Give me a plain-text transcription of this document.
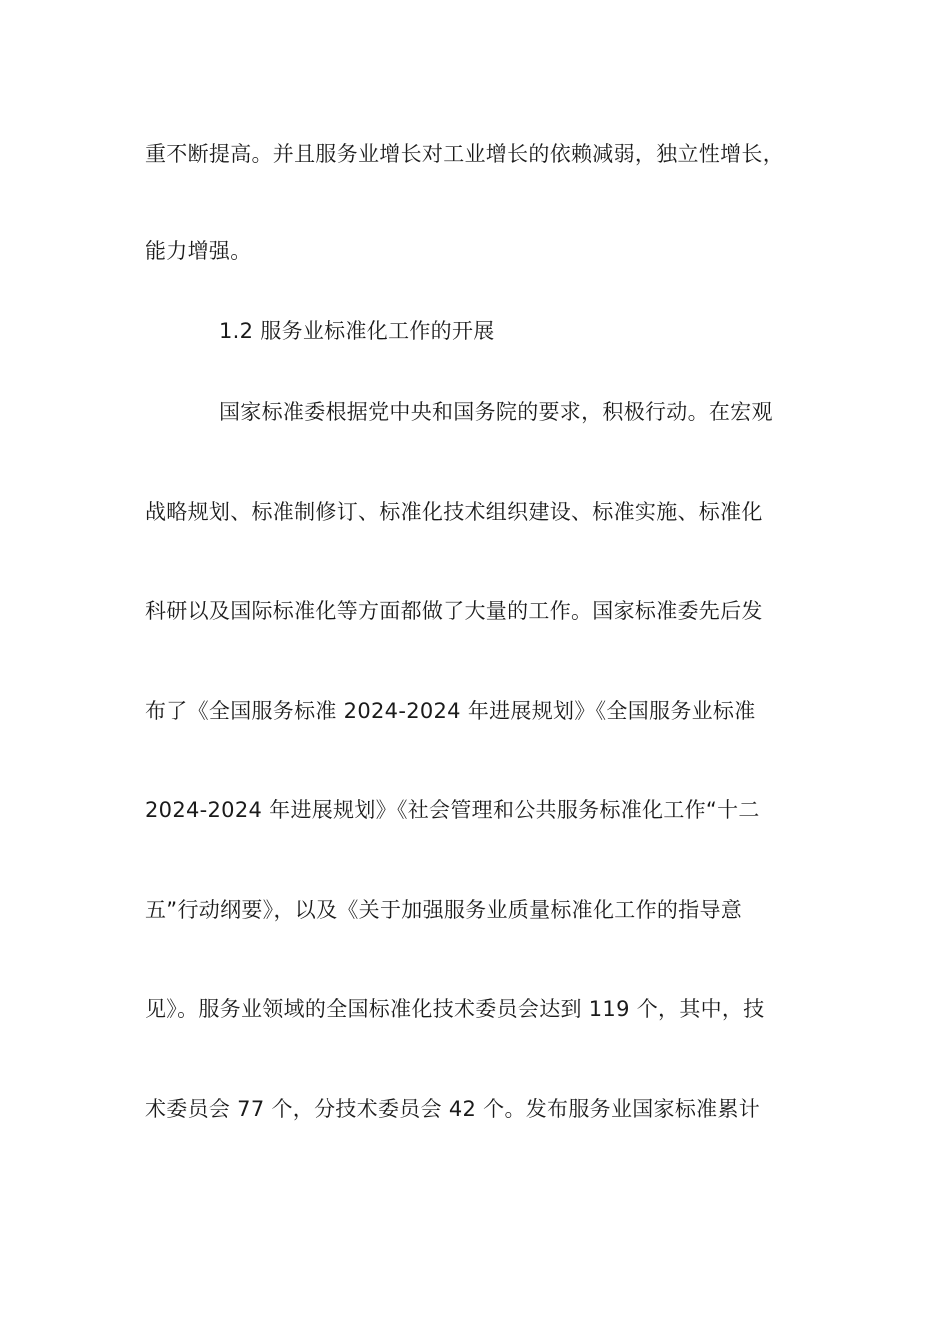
重不断提高。并且服务业增长对工业增长的依赖减弱，独立性增长，
能力增强。
1.2 服务业标准化工作的开展
国家标准委根据党中央和国务院的要求，积极行动。在宏观
战略规划、标准制修订、标准化技术组织建设、标准实施、标准化
科研以及国际标准化等方面都做了大量的工作。国家标准委先后发
布了《全国服务标准 2024-2024 年进展规划》《全国服务业标准
2024-2024 年进展规划》《社会管理和公共服务标准化工作“十二
五”行动纲要》，以及《关于加强服务业质量标准化工作的指导意
见》。服务业领域的全国标准化技术委员会达到 119 个，其中，技
术委员会 77 个，分技术委员会 42 个。发布服务业国家标准累计
